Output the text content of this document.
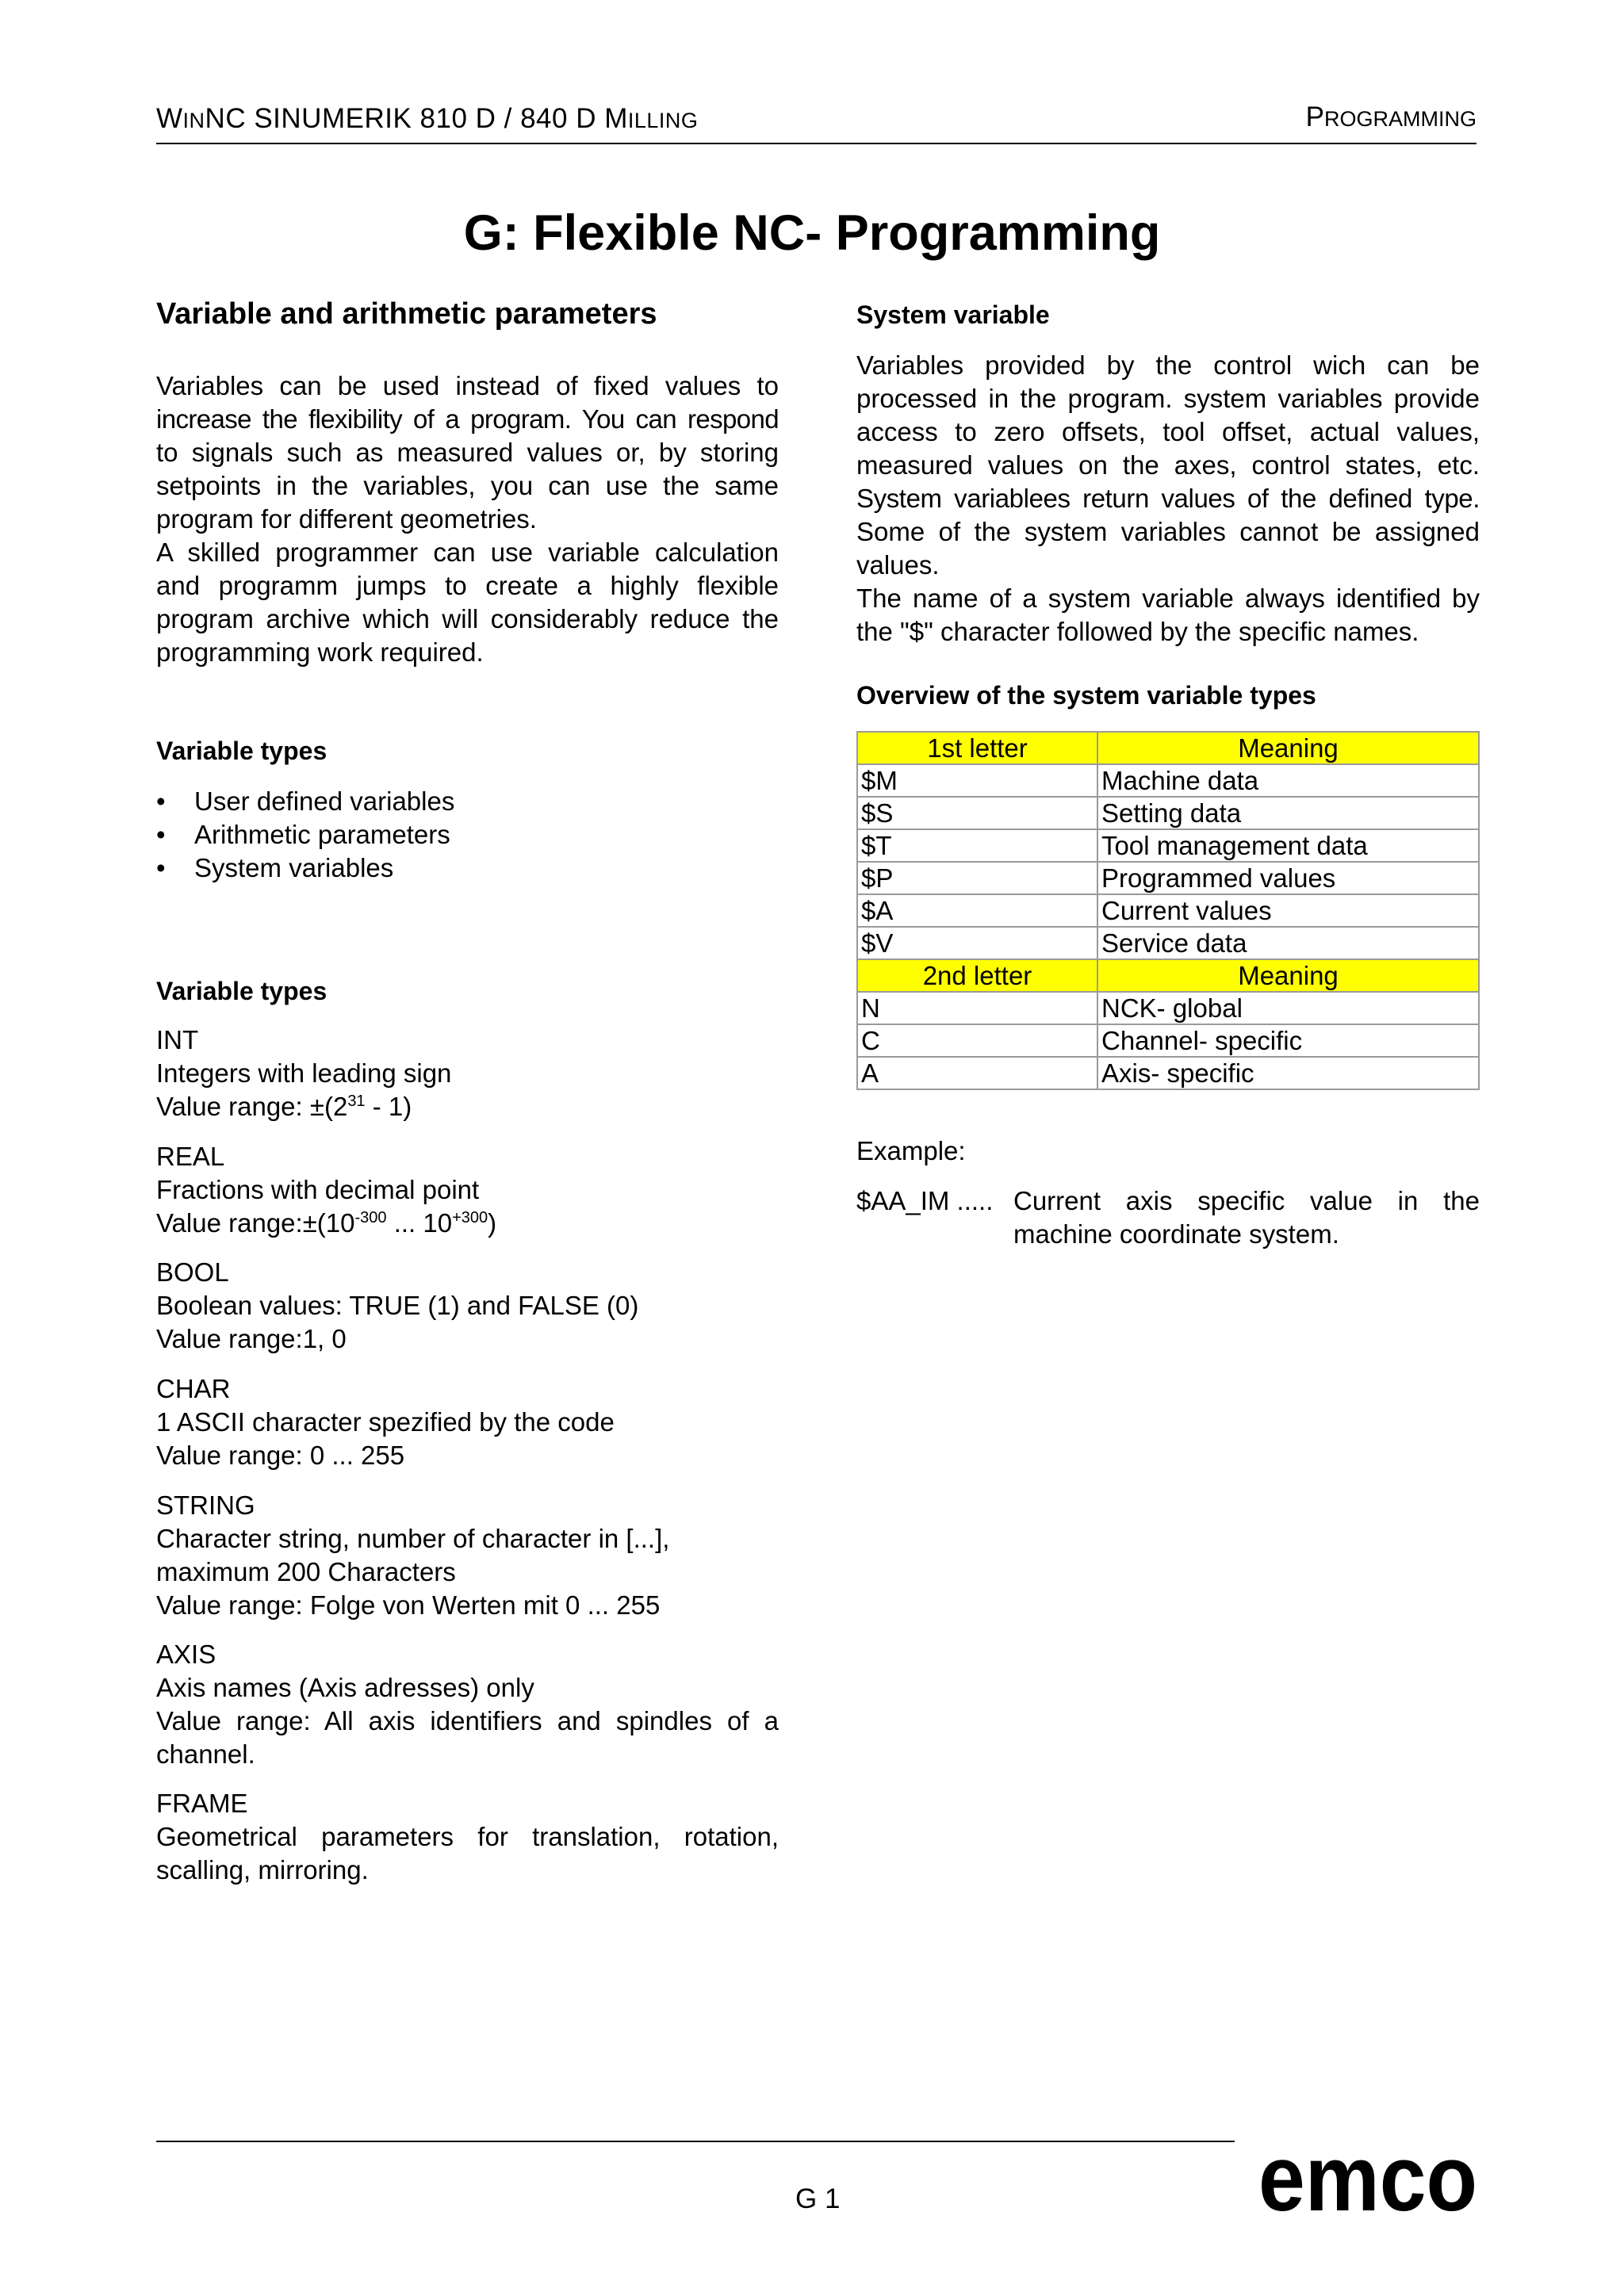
WINNC SINUMERIK 810 D / 840 D MILLING	PROGRAMMING
G: Flexible NC- Programming
Variable and arithmetic parameters
Variables can be used instead of fixed values to
increase the flexibility of a program. You can respond
to signals such as measured values or, by storing
setpoints in the variables, you can use the same
program for different geometries.
A skilled programmer can use variable calculation
and programm jumps to create a highly flexible
program archive which will considerably reduce the
programming work required.
Variable types
• User defined variables
• Arithmetic parameters
• System variables
Variable types
INT
Integers with leading sign
Value range: $\pm(2^{31} - 1)$
REAL
Fractions with decimal point
Value $range:\pm(10^{-300}$ ... $10^{+300}$)
BOOL
Boolean values: TRUE (1) and FALSE (0)
Value range:1, 0
CHAR
1 ASCII character spezified by the code
Value range: 0 ... 255
STRING
Character string, number of character in [...],
maximum 200 Characters
Value range: Folge von Werten mit 0 ... 255
AXIS
Axis names (Axis adresses) only
Value range: All axis identifiers and spindles of a
channel.
FRAME
Geometrical parameters for translation, rotation,
scalling, mirroring.
System variable
Variables provided by the control wich can be
processed in the program. system variables provide
access to zero offsets, tool offset, actual values,
measured values on the axes, control states, etc.
System variablees return values of the defined type.
Some of the system variables cannot be assigned
values.
The name of a system variable always identified by
the "$" character followed by the specific names.
Overview of the system variable types
1st letter	Meaning
$M	Machine data
$S	Setting data
$T	Tool management data
$P	Programmed values
$A	Current values
$V	Service data
2nd letter	Meaning
N	NCK- global
C	Channel- specific
A	Axis- specific
Example:
$AA_IM ..... Current axis specific value in the
machine coordinate system.
G 1	emco
